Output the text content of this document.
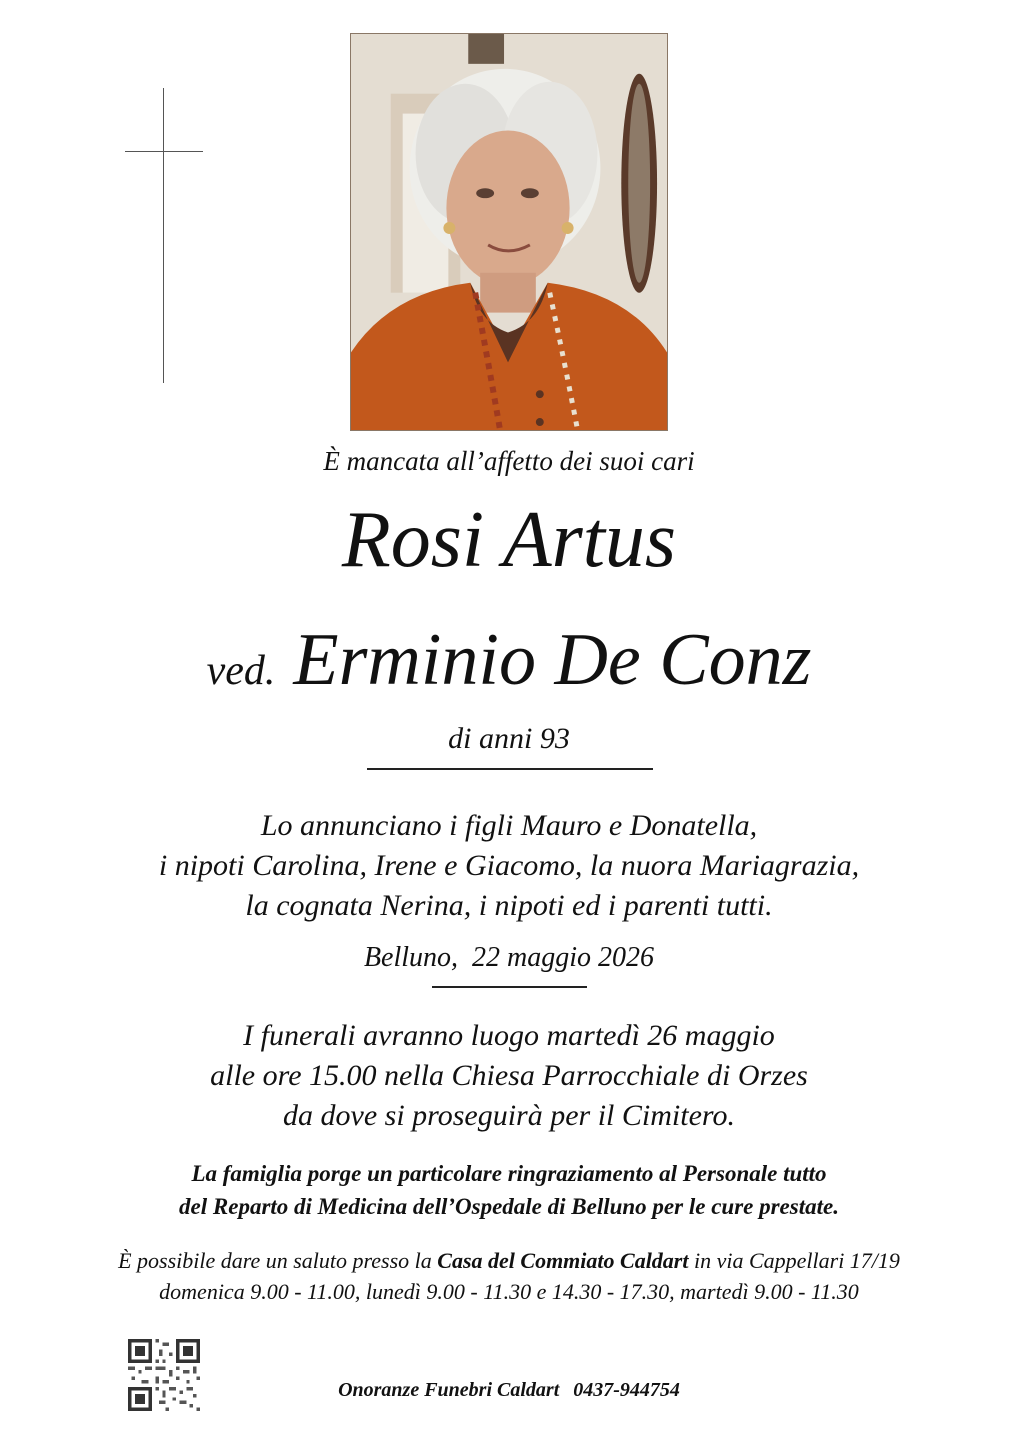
È mancata all’affetto dei suoi cari
Rosi Artus
ved. Erminio De Conz
di anni 93
Lo annunciano i figli Mauro e Donatella,
i nipoti Carolina, Irene e Giacomo, la nuora Mariagrazia,
la cognata Nerina, i nipoti ed i parenti tutti.
Belluno, 22 maggio 2026
I funerali avranno luogo martedì 26 maggio
alle ore 15.00 nella Chiesa Parrocchiale di Orzes
da dove si proseguirà per il Cimitero.
La famiglia porge un particolare ringraziamento al Personale tutto
del Reparto di Medicina dell’Ospedale di Belluno per le cure prestate.
È possibile dare un saluto presso la Casa del Commiato Caldart in via Cappellari 17/19
domenica 9.00 - 11.00, lunedì 9.00 - 11.30 e 14.30 - 17.30, martedì 9.00 - 11.30
Onoranze Funebri Caldart 0437-944754
